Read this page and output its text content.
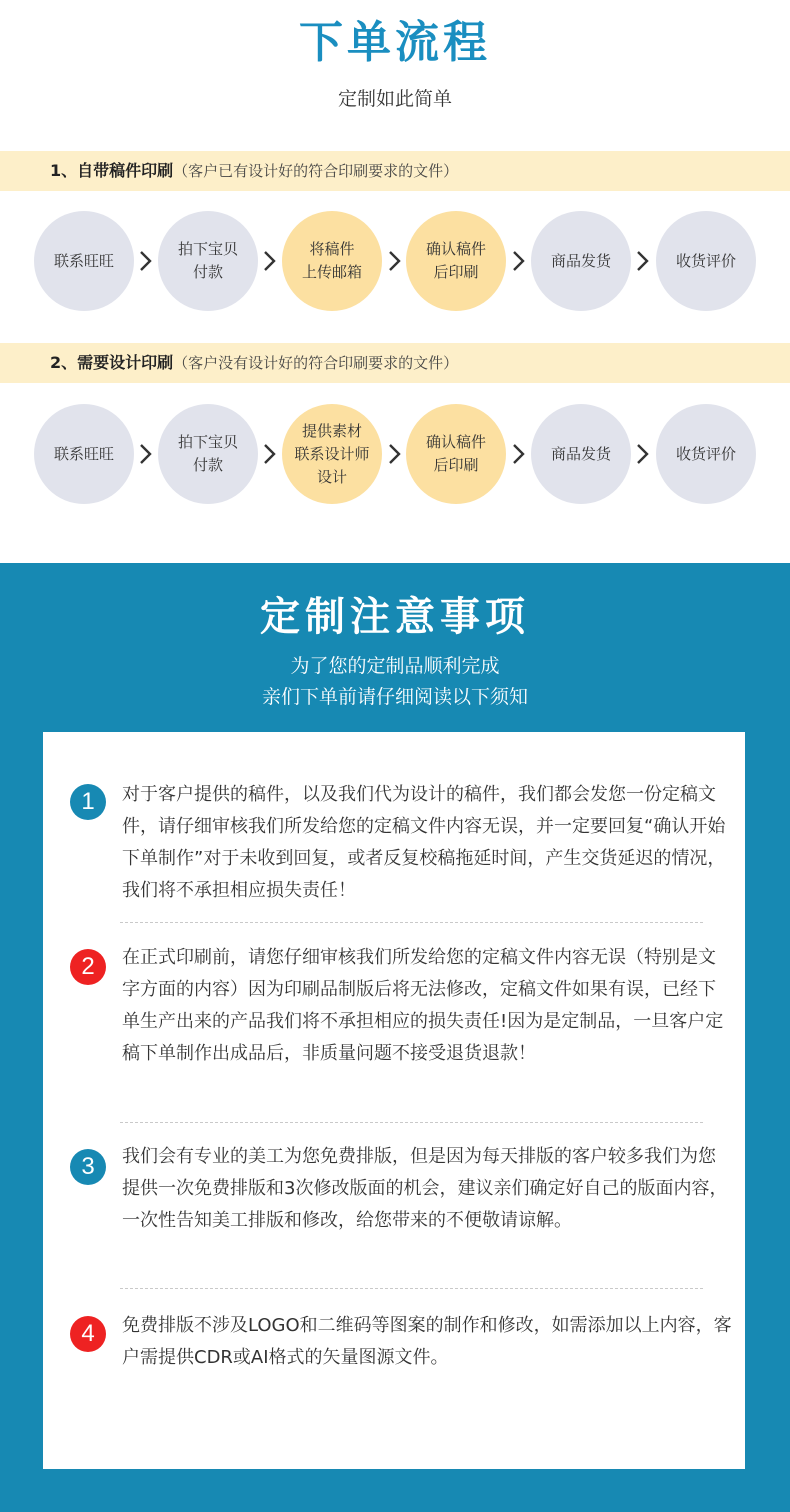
下单流程
定制如此简单
1、自带稿件印刷（客户已有设计好的符合印刷要求的文件）
联系旺旺
拍下宝贝
付款
将稿件
上传邮箱
确认稿件
后印刷
商品发货	收货评价
2、需要设计印刷（客户没有设计好的符合印刷要求的文件）
联系旺旺
拍下宝贝
付款
提供素材
联系设计师
设计
确认稿件
后印刷
商品发货	收货评价
定制注意事项
为了您的定制品顺利完成
亲们下单前请仔细阅读以下须知
1	对于客户提供的稿件，以及我们代为设计的稿件，我们都会发您一份定稿文件，请仔细审核我们所发给您的定稿文件内容无误，并一定要回复“确认开始下单制作”对于未收到回复，或者反复校稿拖延时间，产生交货延迟的情况，我们将不承担相应损失责任！
2	在正式印刷前，请您仔细审核我们所发给您的定稿文件内容无误（特别是文字方面的内容）因为印刷品制版后将无法修改，定稿文件如果有误，已经下单生产出来的产品我们将不承担相应的损失责任!因为是定制品，一旦客户定稿下单制作出成品后，非质量问题不接受退货退款！
3	我们会有专业的美工为您免费排版，但是因为每天排版的客户较多我们为您提供一次免费排版和3次修改版面的机会，建议亲们确定好自己的版面内容，一次性告知美工排版和修改，给您带来的不便敬请谅解。
4	免费排版不涉及LOGO和二维码等图案的制作和修改，如需添加以上内容，客户需提供CDR或AI格式的矢量图源文件。
